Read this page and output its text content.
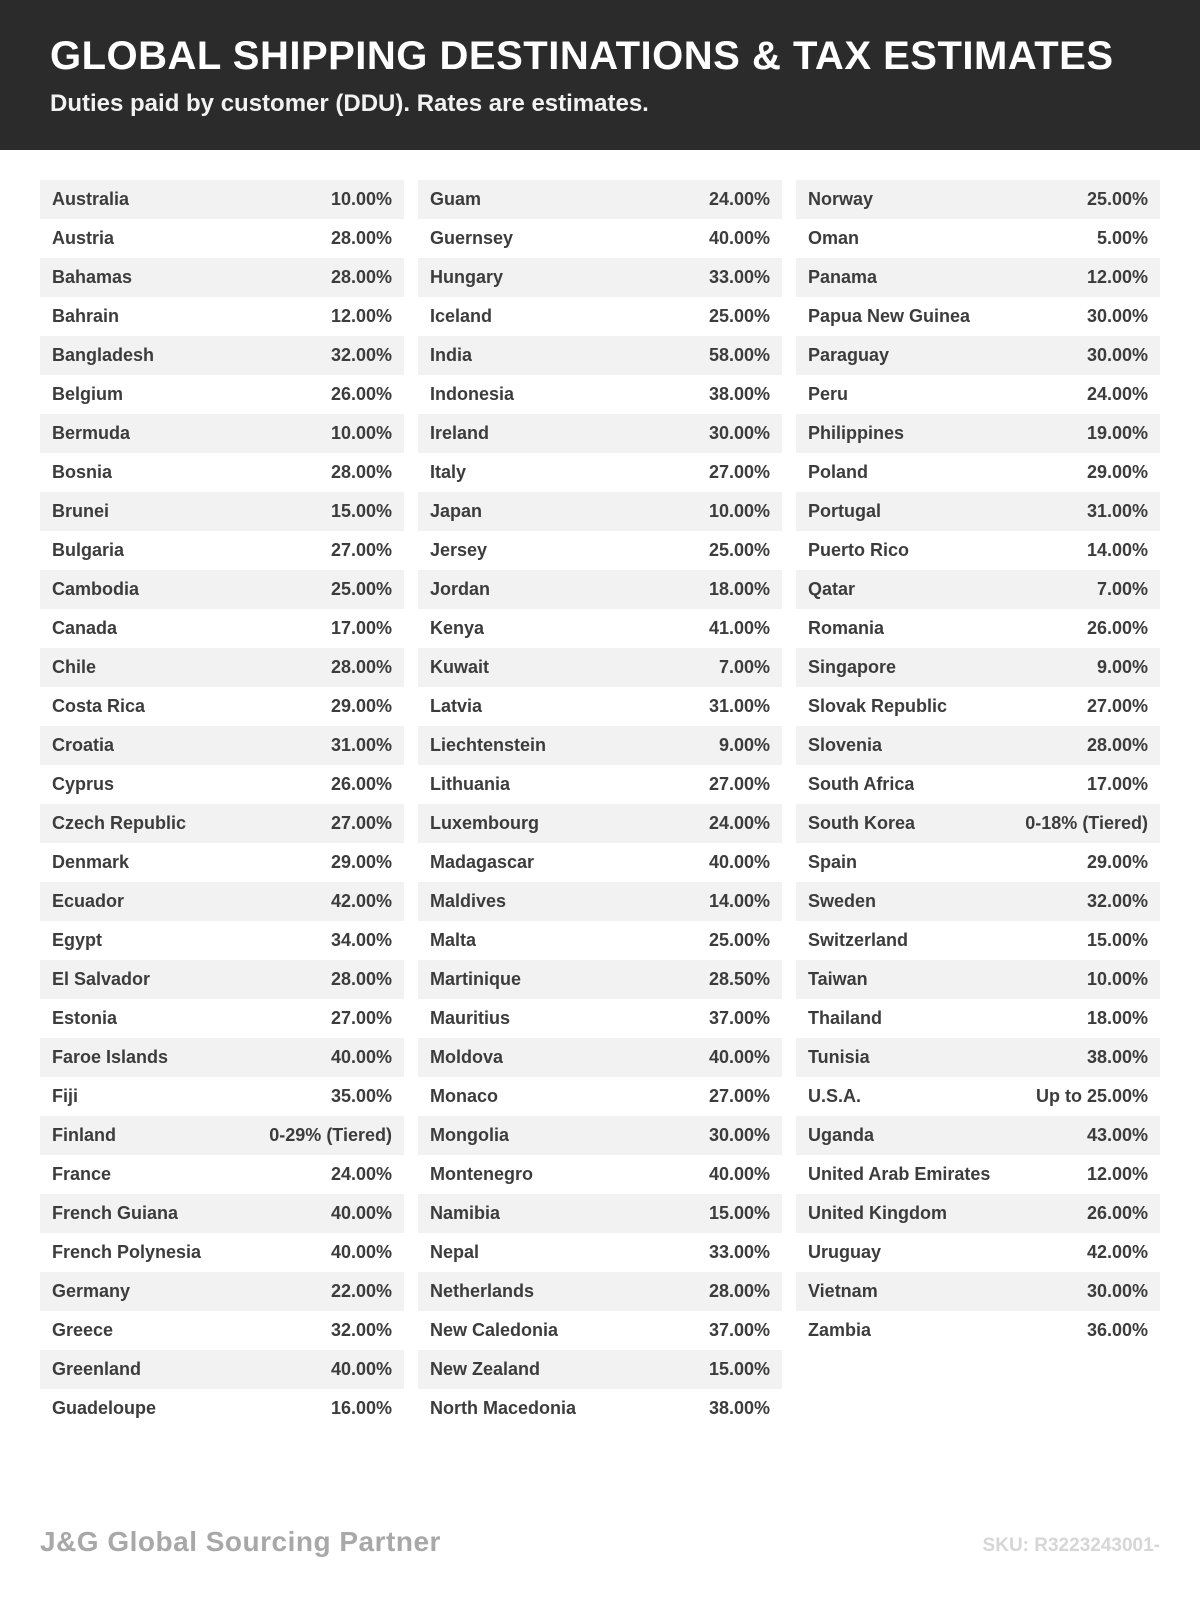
GLOBAL SHIPPING DESTINATIONS & TAX ESTIMATES
Duties paid by customer (DDU). Rates are estimates.
Australia	10.00%
Austria	28.00%
Bahamas	28.00%
Bahrain	12.00%
Bangladesh	32.00%
Belgium	26.00%
Bermuda	10.00%
Bosnia	28.00%
Brunei	15.00%
Bulgaria	27.00%
Cambodia	25.00%
Canada	17.00%
Chile	28.00%
Costa Rica	29.00%
Croatia	31.00%
Cyprus	26.00%
Czech Republic	27.00%
Denmark	29.00%
Ecuador	42.00%
Egypt	34.00%
El Salvador	28.00%
Estonia	27.00%
Faroe Islands	40.00%
Fiji	35.00%
Finland	0-29% (Tiered)
France	24.00%
French Guiana	40.00%
French Polynesia	40.00%
Germany	22.00%
Greece	32.00%
Greenland	40.00%
Guadeloupe	16.00%
Guam	24.00%
Guernsey	40.00%
Hungary	33.00%
Iceland	25.00%
India	58.00%
Indonesia	38.00%
Ireland	30.00%
Italy	27.00%
Japan	10.00%
Jersey	25.00%
Jordan	18.00%
Kenya	41.00%
Kuwait	7.00%
Latvia	31.00%
Liechtenstein	9.00%
Lithuania	27.00%
Luxembourg	24.00%
Madagascar	40.00%
Maldives	14.00%
Malta	25.00%
Martinique	28.50%
Mauritius	37.00%
Moldova	40.00%
Monaco	27.00%
Mongolia	30.00%
Montenegro	40.00%
Namibia	15.00%
Nepal	33.00%
Netherlands	28.00%
New Caledonia	37.00%
New Zealand	15.00%
North Macedonia	38.00%
Norway	25.00%
Oman	5.00%
Panama	12.00%
Papua New Guinea	30.00%
Paraguay	30.00%
Peru	24.00%
Philippines	19.00%
Poland	29.00%
Portugal	31.00%
Puerto Rico	14.00%
Qatar	7.00%
Romania	26.00%
Singapore	9.00%
Slovak Republic	27.00%
Slovenia	28.00%
South Africa	17.00%
South Korea	0-18% (Tiered)
Spain	29.00%
Sweden	32.00%
Switzerland	15.00%
Taiwan	10.00%
Thailand	18.00%
Tunisia	38.00%
U.S.A.	Up to 25.00%
Uganda	43.00%
United Arab Emirates	12.00%
United Kingdom	26.00%
Uruguay	42.00%
Vietnam	30.00%
Zambia	36.00%
J&G Global Sourcing Partner	SKU: R3223243001-
